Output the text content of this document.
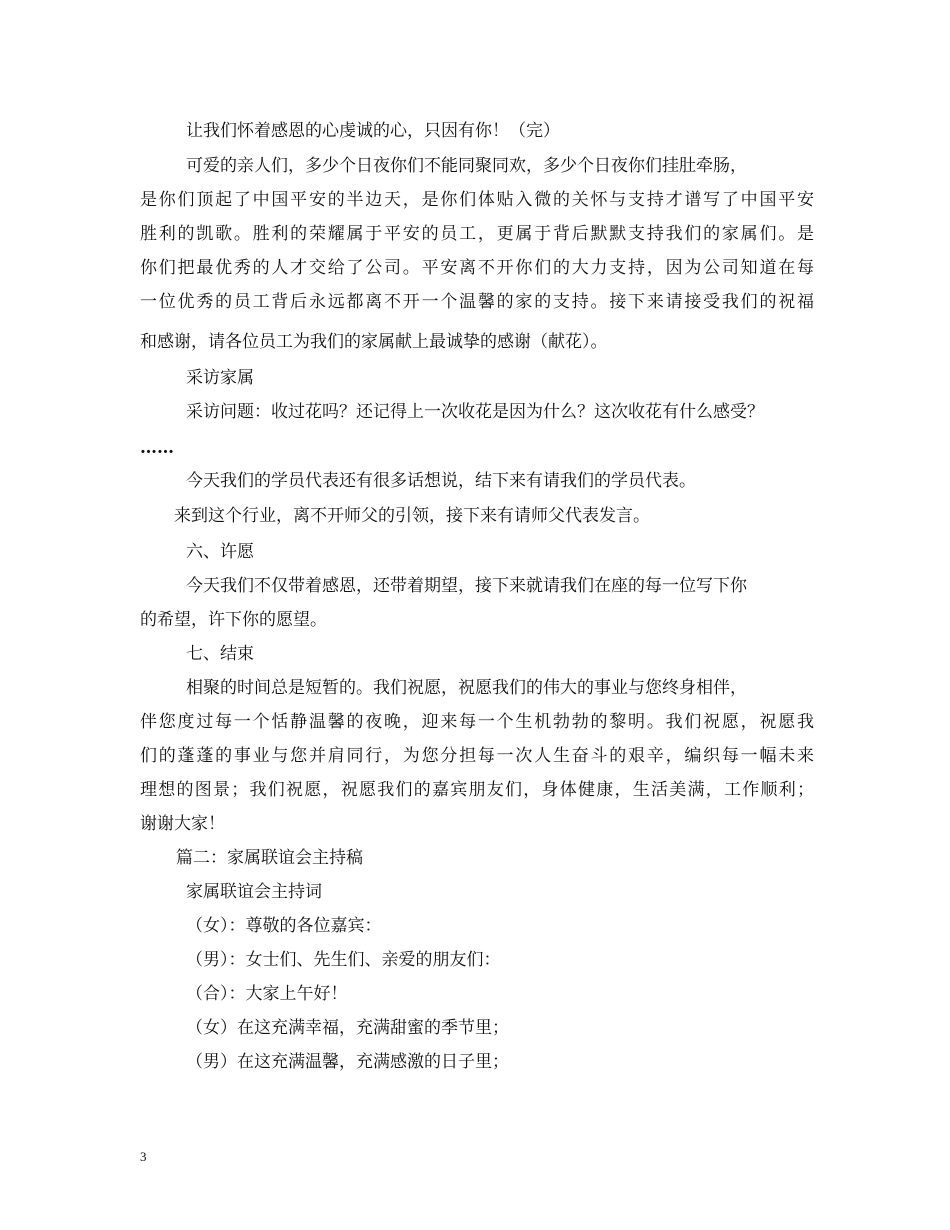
让我们怀着感恩的心虔诚的心，只因有你！（完）
可爱的亲人们，多少个日夜你们不能同聚同欢，多少个日夜你们挂肚牵肠，
是你们顶起了中国平安的半边天，是你们体贴入微的关怀与支持才谱写了中国平安
胜利的凯歌。胜利的荣耀属于平安的员工，更属于背后默默支持我们的家属们。是
你们把最优秀的人才交给了公司。平安离不开你们的大力支持，因为公司知道在每
一位优秀的员工背后永远都离不开一个温馨的家的支持。接下来请接受我们的祝福
和感谢，请各位员工为我们的家属献上最诚挚的感谢（献花）。
采访家属
采访问题：收过花吗？还记得上一次收花是因为什么？这次收花有什么感受？
……
今天我们的学员代表还有很多话想说，结下来有请我们的学员代表。
来到这个行业，离不开师父的引领，接下来有请师父代表发言。
六、许愿
今天我们不仅带着感恩，还带着期望，接下来就请我们在座的每一位写下你
的希望，许下你的愿望。
七、结束
相聚的时间总是短暂的。我们祝愿，祝愿我们的伟大的事业与您终身相伴，
伴您度过每一个恬静温馨的夜晚，迎来每一个生机勃勃的黎明。我们祝愿，祝愿我
们的蓬蓬的事业与您并肩同行，为您分担每一次人生奋斗的艰辛，编织每一幅未来
理想的图景；我们祝愿，祝愿我们的嘉宾朋友们，身体健康，生活美满，工作顺利；
谢谢大家！
篇二：家属联谊会主持稿
家属联谊会主持词
（女）：尊敬的各位嘉宾：
（男）：女士们、先生们、亲爱的朋友们：
（合）：大家上午好！
（女）在这充满幸福，充满甜蜜的季节里；
（男）在这充满温馨，充满感激的日子里；
3
